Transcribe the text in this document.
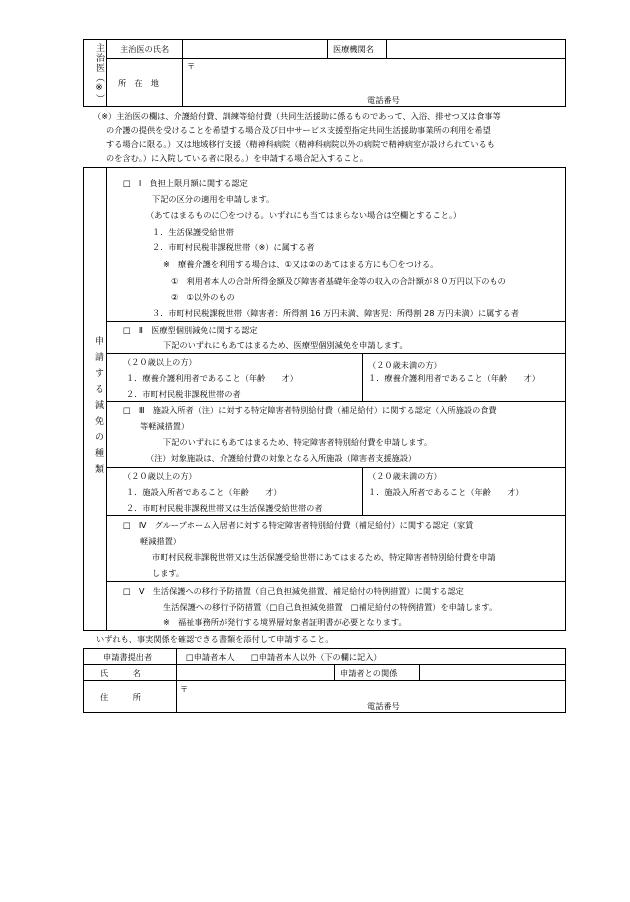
主治医（※） 主治医の氏名	医療機関名
所　在　地
〒
電話番号
（※）主治医の欄は、介護給付費、訓練等給付費（共同生活援助に係るものであって、入浴、排せつ又は食事等
の介護の提供を受けることを希望する場合及び日中サービス支援型指定共同生活援助事業所の利用を希望
する場合に限る。）又は地域移行支援（精神科病院（精神科病院以外の病院で精神病室が設けられているも
のを含む。）に入院している者に限る。）を申請する場合記入すること。
申請する減免の種類
□　Ⅰ　負担上限月額に関する認定
下記の区分の適用を申請します。
（あてはまるものに〇をつける。いずれにも当てはまらない場合は空欄とすること。）
１．生活保護受給世帯
２．市町村民税非課税世帯（※）に属する者
※　療養介護を利用する場合は、①又は②のあてはまる方にも〇をつける。
①　利用者本人の合計所得金額及び障害者基礎年金等の収入の合計額が８０万円以下のもの
②　①以外のもの
３．市町村民税課税世帯（障害者：所得割 16 万円未満、障害児：所得割 28 万円未満）に属する者
□　Ⅱ　医療型個別減免に関する認定
下記のいずれにもあてはまるため、医療型個別減免を申請します。
（２０歳以上の方）
１．療養介護利用者であること（年齢　　才）
２．市町村民税非課税世帯の者
（２０歳未満の方）
１．療養介護利用者であること（年齢　　才）
□　Ⅲ　施設入所者（注）に対する特定障害者特別給付費（補足給付）に関する認定（入所施設の食費
等軽減措置）
下記のいずれにもあてはまるため、特定障害者特別給付費を申請します。
（注）対象施設は、介護給付費の対象となる入所施設（障害者支援施設）
（２０歳以上の方）
１．施設入所者であること（年齢　　才）
２．市町村民税非課税世帯又は生活保護受給世帯の者
（２０歳未満の方）
１．施設入所者であること（年齢　　才）
□　Ⅳ　グループホーム入居者に対する特定障害者特別給付費（補足給付）に関する認定（家賃
軽減措置）
市町村民税非課税世帯又は生活保護受給世帯にあてはまるため、特定障害者特別給付費を申請
します。
□　Ⅴ　生活保護への移行予防措置（自己負担減免措置、補足給付の特例措置）に関する認定
生活保護への移行予防措置（□自己負担減免措置　□補足給付の特例措置）を申請します。
※　福祉事務所が発行する境界層対象者証明書が必要となります。
いずれも、事実関係を確認できる書類を添付して申請すること。
申請書提出者	□申請者本人　　□申請者本人以外（下の欄に記入）
氏　　　名	申請者との関係
住　　　所
〒
電話番号
